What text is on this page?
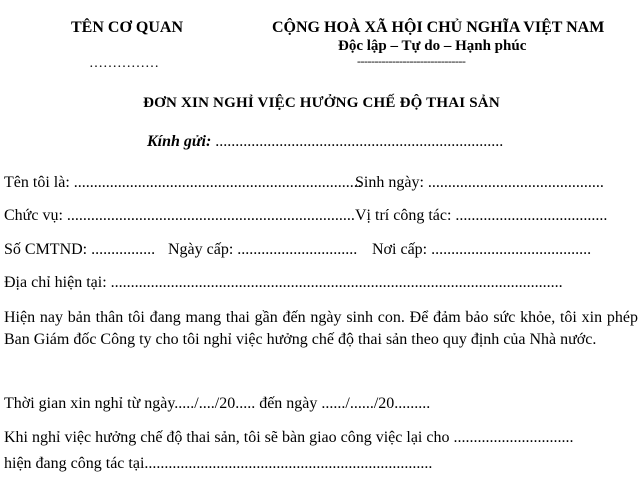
TÊN CƠ QUAN
……………
CỘNG HOÀ XÃ HỘI CHỦ NGHĨA VIỆT NAM
Độc lập – Tự do – Hạnh phúc
-------------------------------
ĐƠN XIN NGHỈ VIỆC HƯỞNG CHẾ ĐỘ THAI SẢN
Kính gửi: ........................................................................
Tên tôi là: ........................................................................
Sinh ngày: ............................................
Chức vụ: ........................................................................ Vị trí công tác: ......................................
Số CMTND: ................ Ngày cấp: .............................. Nơi cấp: ........................................
Địa chỉ hiện tại: .................................................................................................................
Hiện nay bản thân tôi đang mang thai gần đến ngày sinh con. Để đảm bảo sức khỏe, tôi xin phép Ban Giám đốc Công ty cho tôi nghỉ việc hưởng chế độ thai sản theo quy định của Nhà nước.
Thời gian xin nghỉ từ ngày...../..../20..... đến ngày ....../....../20.........
Khi nghỉ việc hưởng chế độ thai sản, tôi sẽ bàn giao công việc lại cho ..............................
hiện đang công tác tại........................................................................
